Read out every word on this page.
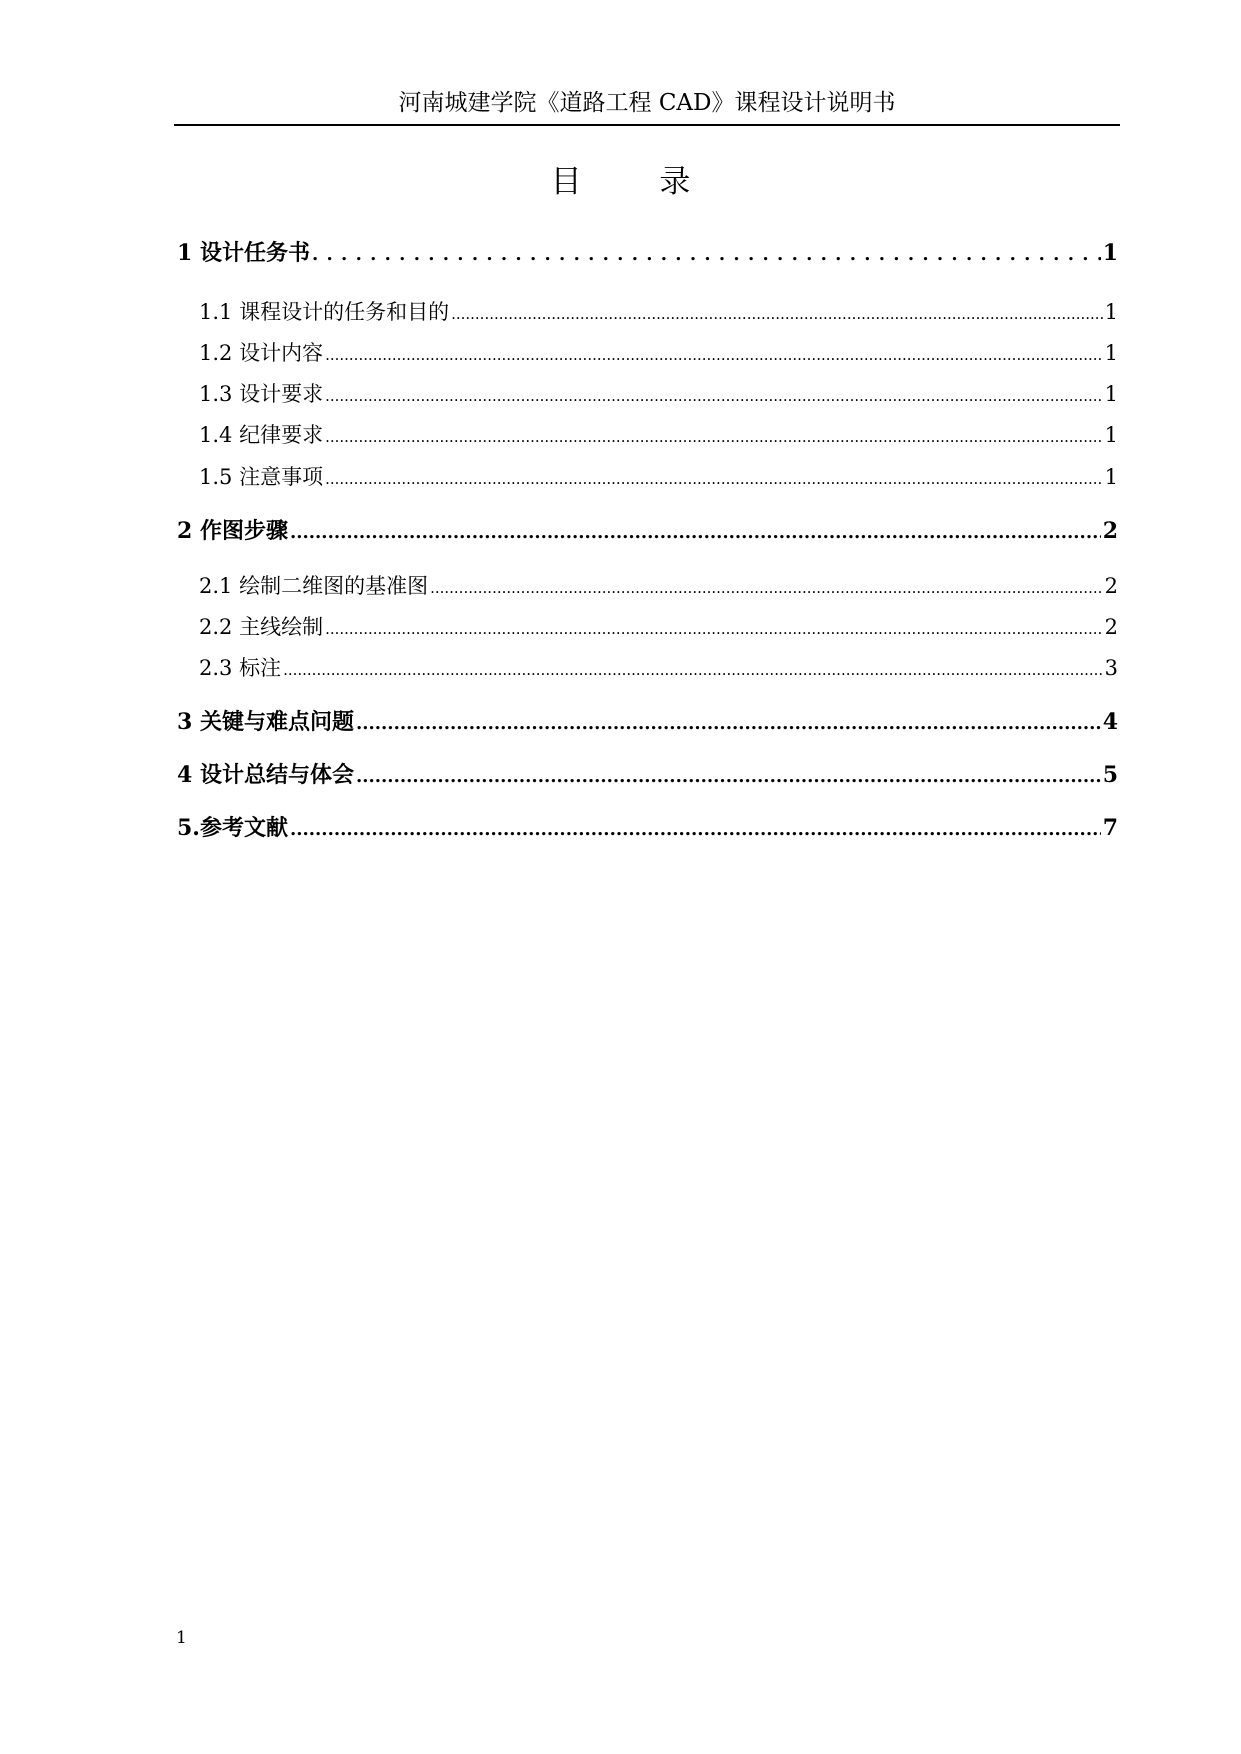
河南城建学院《道路工程 CAD》课程设计说明书
目 录
1 设计任务书 . . .	1
1.1 课程设计的任务和目的 .....	1
1.2 设计内容 .....	1
1.3 设计要求 .....	1
1.4 纪律要求 .....	1
1.5 注意事项 .....	1
2 作图步骤 .....	2
2.1 绘制二维图的基准图 .....	2
2.2 主线绘制 .....	2
2.3 标注 .....	3
3 关键与难点问题 .....	4
4 设计总结与体会 .....	5
5.参考文献 .....	7
1
